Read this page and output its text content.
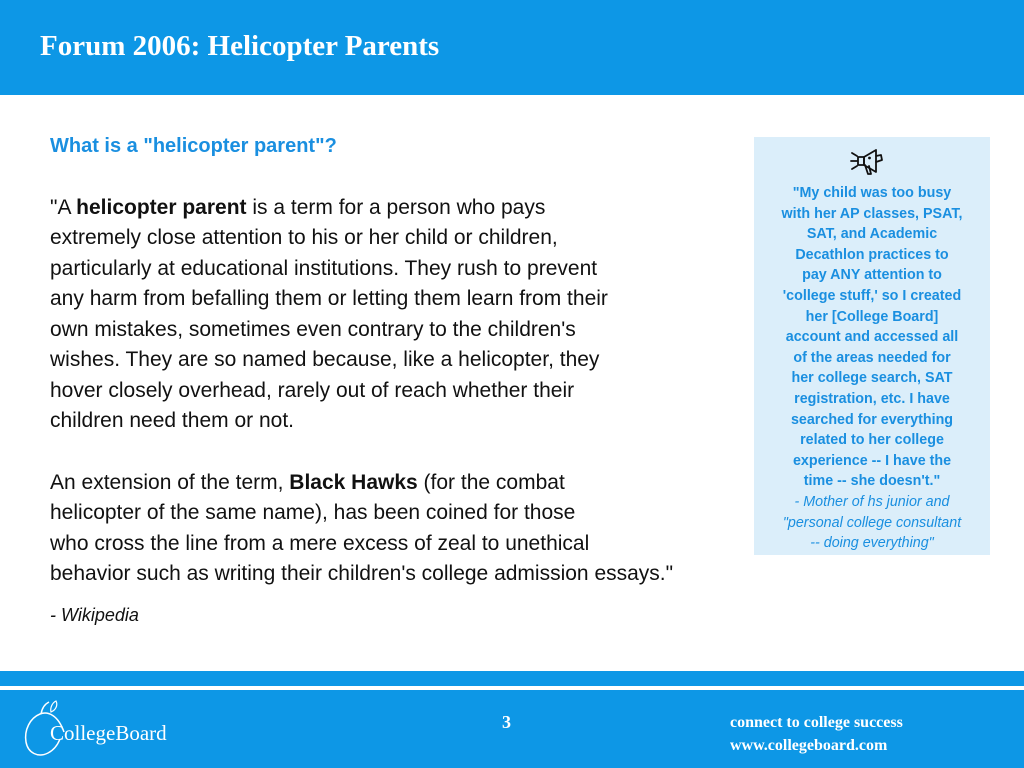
Forum 2006: Helicopter Parents
What is a "helicopter parent"?
"A helicopter parent is a term for a person who pays
extremely close attention to his or her child or children,
particularly at educational institutions. They rush to prevent
any harm from befalling them or letting them learn from their
own mistakes, sometimes even contrary to the children's
wishes. They are so named because, like a helicopter, they
hover closely overhead, rarely out of reach whether their
children need them or not.
An extension of the term, Black Hawks (for the combat
helicopter of the same name), has been coined for those
who cross the line from a mere excess of zeal to unethical
behavior such as writing their children's college admission essays."
- Wikipedia
"My child was too busy
with her AP classes, PSAT,
SAT, and Academic
Decathlon practices to
pay ANY attention to
'college stuff,' so I created
her [College Board]
account and accessed all
of the areas needed for
her college search, SAT
registration, etc. I have
searched for everything
related to her college
experience -- I have the
time -- she doesn't."
- Mother of hs junior and
"personal college consultant
-- doing everything"
CollegeBoard	3	connect to college success
www.collegeboard.com
